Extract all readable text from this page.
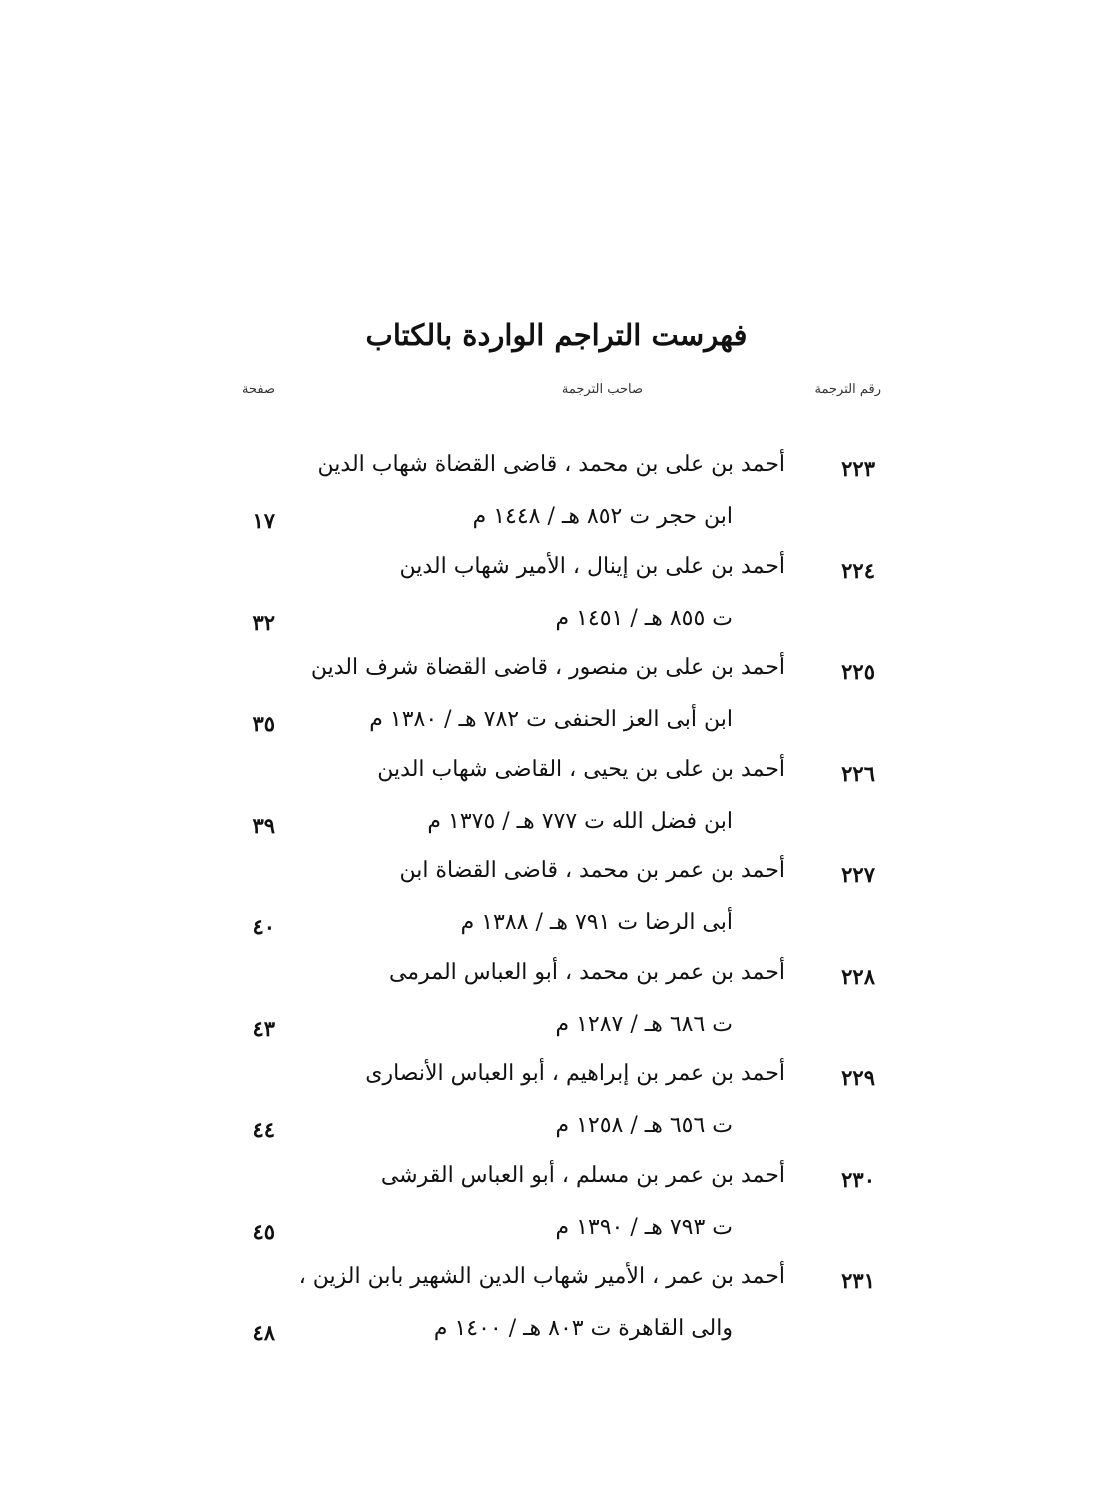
فهرست التراجم الواردة بالكتاب
رقم الترجمة
صاحب الترجمة
صفحة
٢٢٣
أحمد بن على بن محمد ، قاضى القضاة شهاب الدين
ابن حجر ت ٨٥٢ هـ / ١٤٤٨ م
١٧
٢٢٤
أحمد بن على بن إينال ، الأمير شهاب الدين
ت ٨٥٥ هـ / ١٤٥١ م
٣٢
٢٢٥
أحمد بن على بن منصور ، قاضى القضاة شرف الدين
ابن أبى العز الحنفى ت ٧٨٢ هـ / ١٣٨٠ م
٣٥
٢٢٦
أحمد بن على بن يحيى ، القاضى شهاب الدين
ابن فضل الله ت ٧٧٧ هـ / ١٣٧٥ م
٣٩
٢٢٧
أحمد بن عمر بن محمد ، قاضى القضاة ابن
أبى الرضا ت ٧٩١ هـ / ١٣٨٨ م
٤٠
٢٢٨
أحمد بن عمر بن محمد ، أبو العباس المرمى
ت ٦٨٦ هـ / ١٢٨٧ م
٤٣
٢٢٩
أحمد بن عمر بن إبراهيم ، أبو العباس الأنصارى
ت ٦٥٦ هـ / ١٢٥٨ م
٤٤
٢٣٠
أحمد بن عمر بن مسلم ، أبو العباس القرشى
ت ٧٩٣ هـ / ١٣٩٠ م
٤٥
٢٣١
أحمد بن عمر ، الأمير شهاب الدين الشهير بابن الزين ،
والى القاهرة ت ٨٠٣ هـ / ١٤٠٠ م
٤٨
